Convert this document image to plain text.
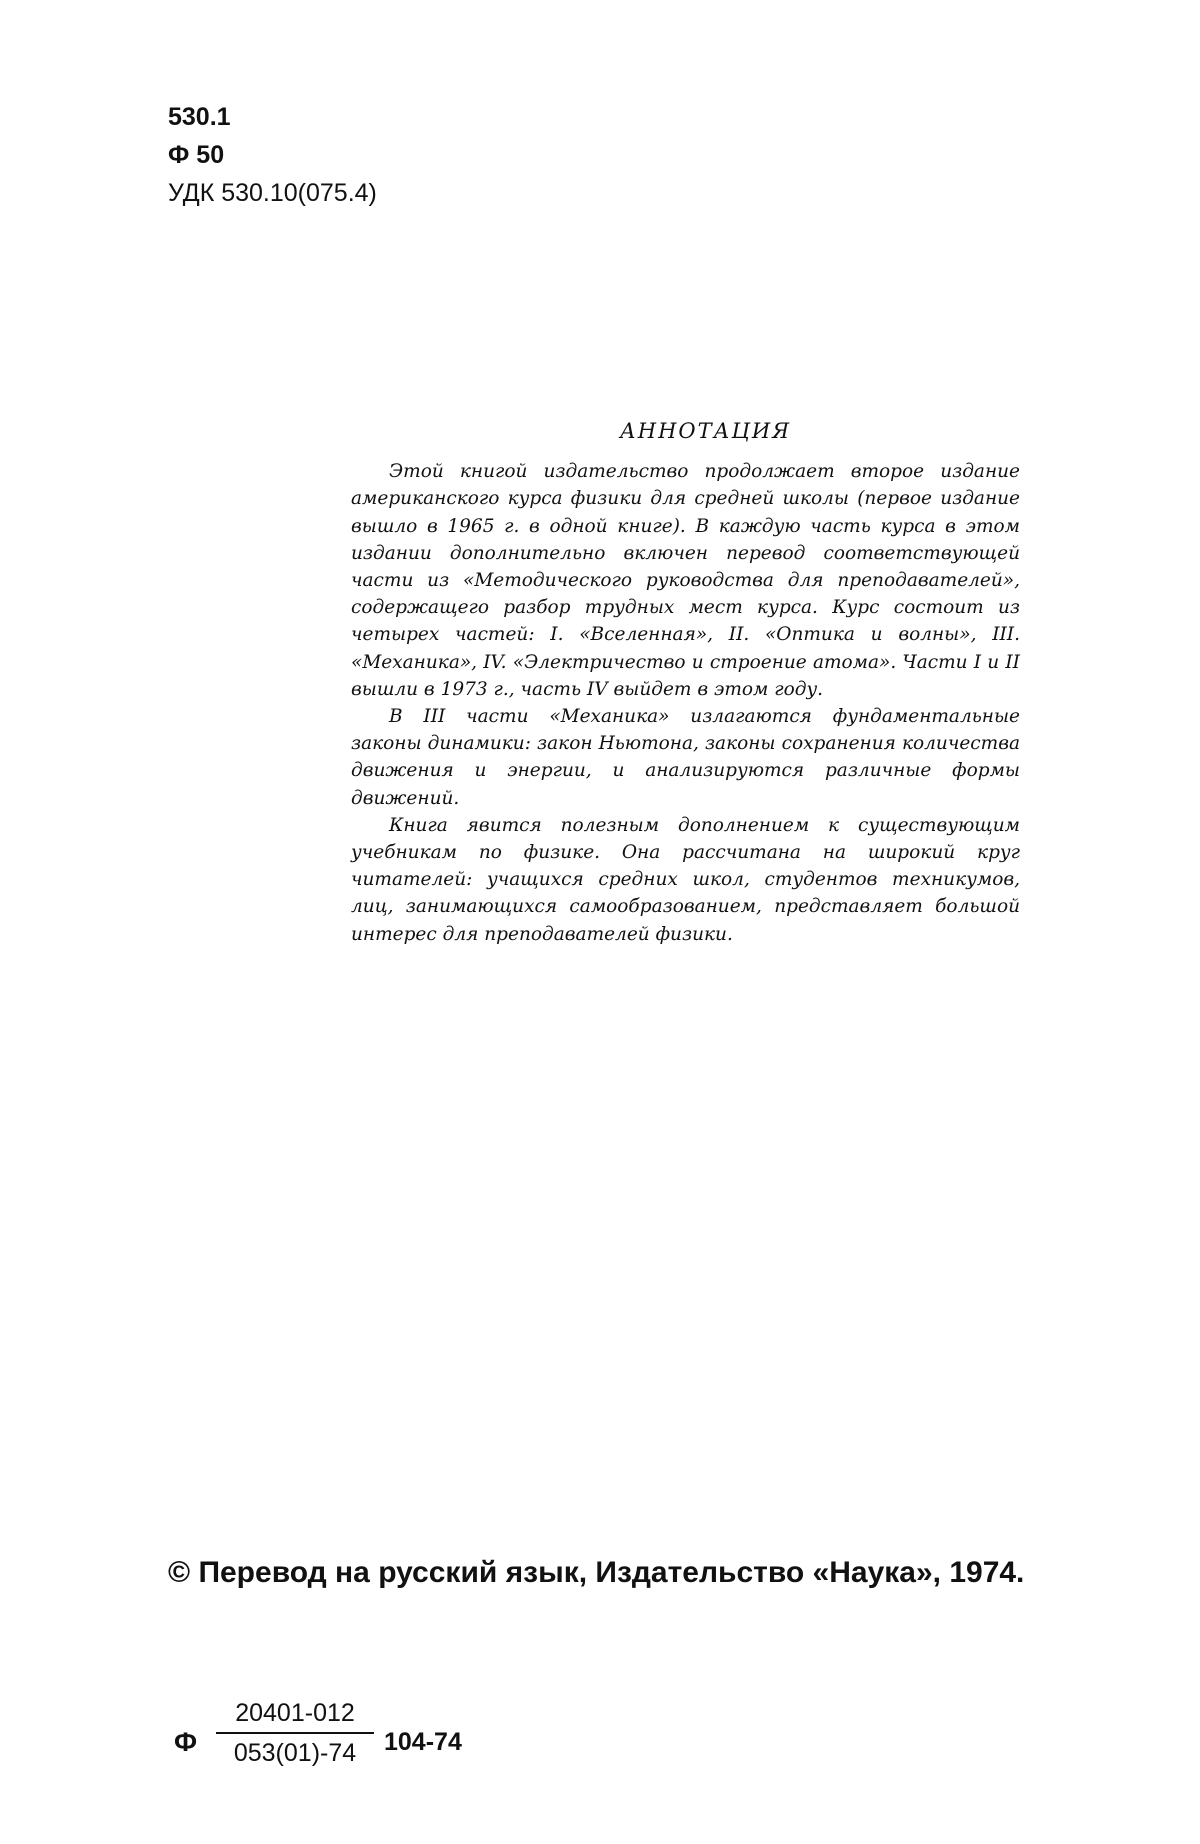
530.1
Ф 50
УДК 530.10(075.4)
АННОТАЦИЯ

Этой книгой издательство продолжает второе издание американского курса физики для средней школы (первое издание вышло в 1965 г. в одной книге). В каждую часть курса в этом издании дополнительно включен перевод соответствующей части из «Методического руководства для преподавателей», содержащего разбор трудных мест курса. Курс состоит из четырех частей: I. «Вселенная», II. «Оптика и волны», III. «Механика», IV. «Электричество и строение атома». Части I и II вышли в 1973 г., часть IV выйдет в этом году.

В III части «Механика» излагаются фундаментальные законы динамики: закон Ньютона, законы сохранения количества движения и энергии, и анализируются различные формы движений.

Книга явится полезным дополнением к существующим учебникам по физике. Она рассчитана на широкий круг читателей: учащихся средних школ, студентов техникумов, лиц, занимающихся самообразованием, представляет большой интерес для преподавателей физики.

© Перевод на русский язык, Издательство «Наука», 1974.
Ф $\frac{20401-012}{053(01)-74} 104-74$
